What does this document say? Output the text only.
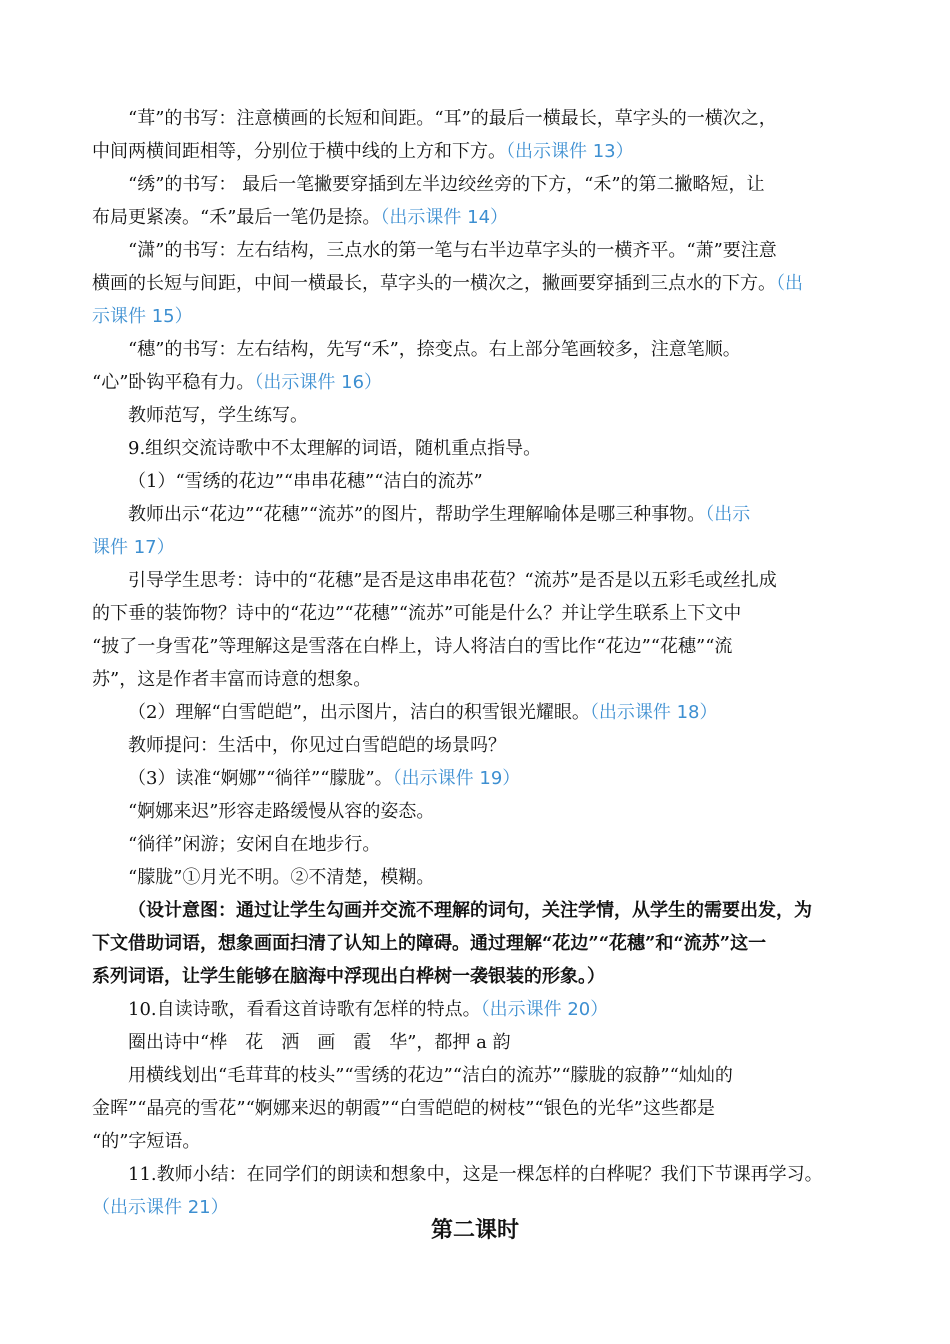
“茸”的书写：注意横画的长短和间距。“耳”的最后一横最长，草字头的一横次之，
中间两横间距相等，分别位于横中线的上方和下方。（出示课件 13）
“绣”的书写： 最后一笔撇要穿插到左半边绞丝旁的下方，“禾”的第二撇略短，让
布局更紧凑。“禾”最后一笔仍是捺。（出示课件 14）
“潇”的书写：左右结构，三点水的第一笔与右半边草字头的一横齐平。“萧”要注意
横画的长短与间距，中间一横最长，草字头的一横次之，撇画要穿插到三点水的下方。（出
示课件 15）
“穗”的书写：左右结构，先写“禾”，捺变点。右上部分笔画较多，注意笔顺。
“心”卧钩平稳有力。（出示课件 16）
教师范写，学生练写。
9.组织交流诗歌中不太理解的词语，随机重点指导。
（1）“雪绣的花边”“串串花穗”“洁白的流苏”
教师出示“花边”“花穗”“流苏”的图片，帮助学生理解喻体是哪三种事物。（出示
课件 17）
引导学生思考：诗中的“花穗”是否是这串串花苞？“流苏”是否是以五彩毛或丝扎成
的下垂的装饰物？诗中的“花边”“花穗”“流苏”可能是什么？并让学生联系上下文中
“披了一身雪花”等理解这是雪落在白桦上，诗人将洁白的雪比作“花边”“花穗”“流
苏”，这是作者丰富而诗意的想象。
（2）理解“白雪皑皑”，出示图片，洁白的积雪银光耀眼。（出示课件 18）
教师提问：生活中，你见过白雪皑皑的场景吗？
（3）读准“婀娜”“徜徉”“朦胧”。（出示课件 19）
“婀娜来迟”形容走路缓慢从容的姿态。
“徜徉”闲游；安闲自在地步行。
“朦胧”①月光不明。②不清楚，模糊。
（设计意图：通过让学生勾画并交流不理解的词句，关注学情，从学生的需要出发，为
下文借助词语，想象画面扫清了认知上的障碍。通过理解“花边”“花穗”和“流苏”这一
系列词语，让学生能够在脑海中浮现出白桦树一袭银装的形象。）
10.自读诗歌，看看这首诗歌有怎样的特点。（出示课件 20）
圈出诗中“桦　花　洒　画　霞　华”，都押 a 韵
用横线划出“毛茸茸的枝头”“雪绣的花边”“洁白的流苏”“朦胧的寂静”“灿灿的
金晖”“晶亮的雪花”“婀娜来迟的朝霞”“白雪皑皑的树枝”“银色的光华”这些都是
“的”字短语。
11.教师小结：在同学们的朗读和想象中，这是一棵怎样的白桦呢？我们下节课再学习。
（出示课件 21）
第二课时
